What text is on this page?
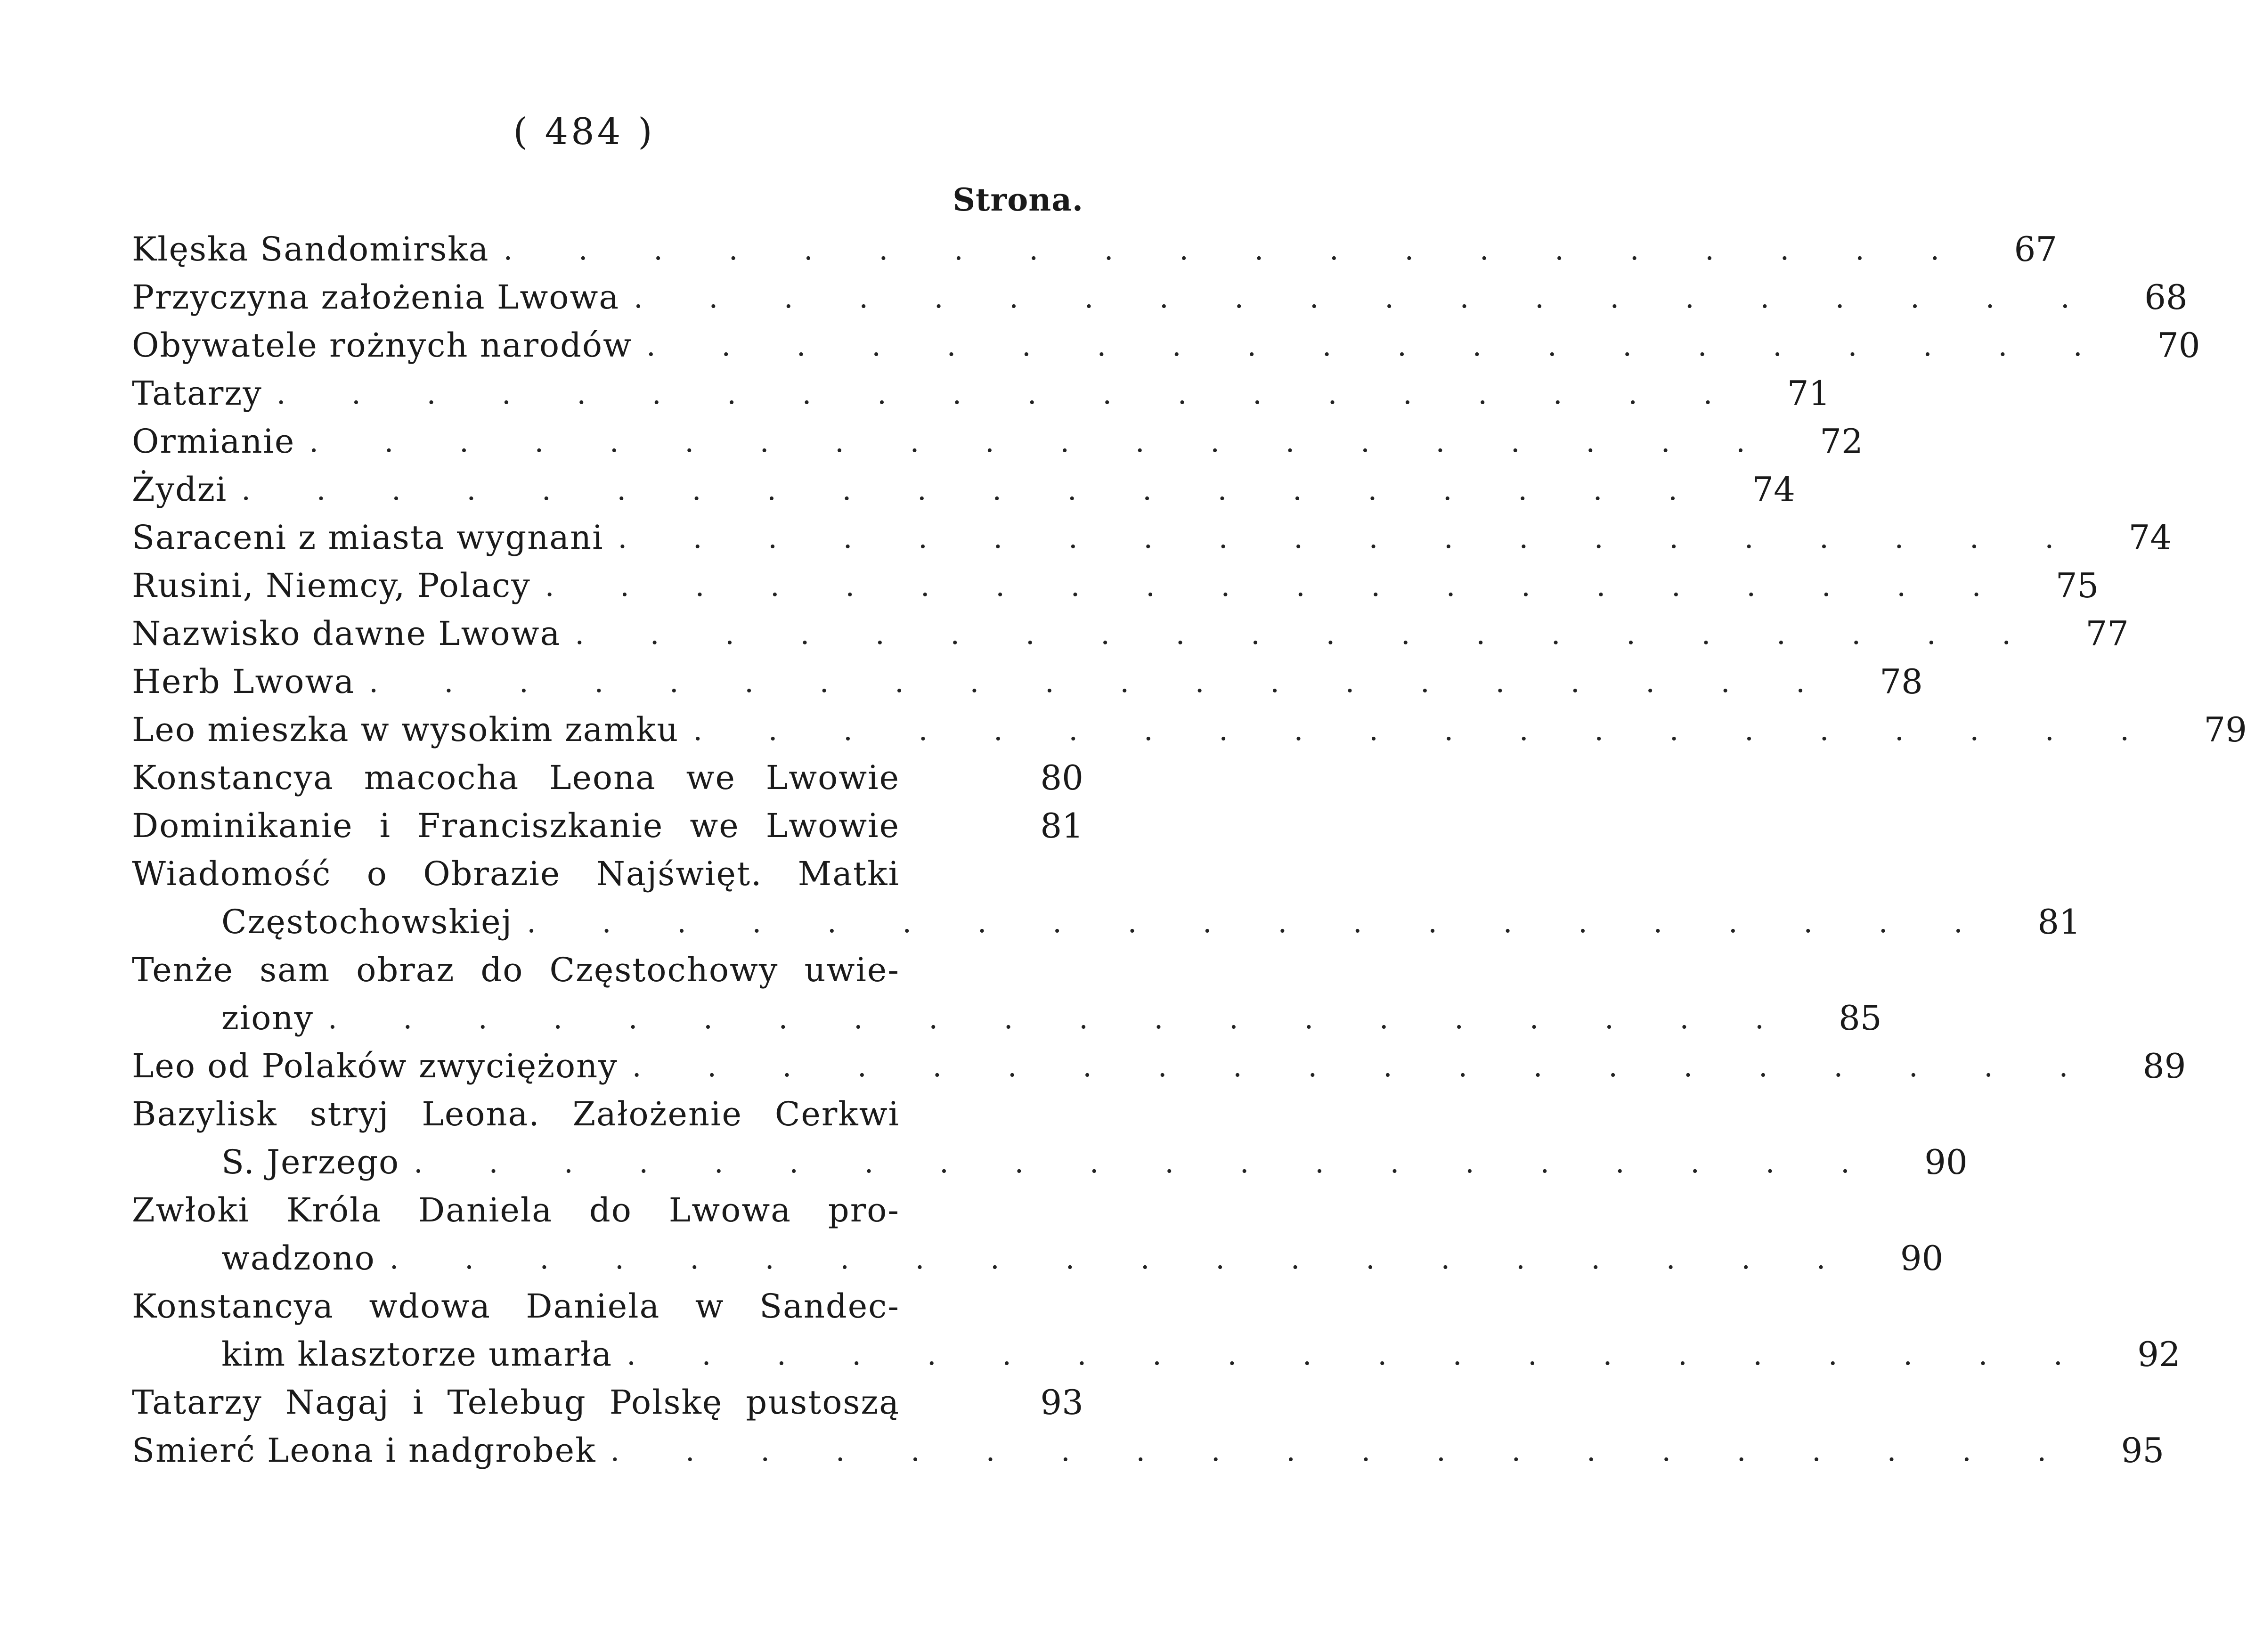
( 484 )
Strona.
Klęska Sandomirska . . . . . . . . . . . . . . . . . . . .	67
Przyczyna założenia Lwowa . . . . . . . . . . . . . . . . . . . .	68
Obywatele rożnych narodów . . . . . . . . . . . . . . . . . . . .	70
Tatarzy . . . . . . . . . . . . . . . . . . . .	71
Ormianie . . . . . . . . . . . . . . . . . . . .	72
Żydzi . . . . . . . . . . . . . . . . . . . .	74
Saraceni z miasta wygnani . . . . . . . . . . . . . . . . . . . .	74
Rusini, Niemcy, Polacy . . . . . . . . . . . . . . . . . . . .	75
Nazwisko dawne Lwowa . . . . . . . . . . . . . . . . . . . .	77
Herb Lwowa . . . . . . . . . . . . . . . . . . . .	78
Leo mieszka w wysokim zamku . . . . . . . . . . . . . . . . . . . .	79
Konstancya macocha Leona we Lwowie	80
Dominikanie i Franciszkanie we Lwowie	81
Wiadomość o Obrazie Najświęt. Matki
Częstochowskiej . . . . . . . . . . . . . . . . . . . .	81
Tenże sam obraz do Częstochowy uwie-
ziony . . . . . . . . . . . . . . . . . . . .	85
Leo od Polaków zwyciężony . . . . . . . . . . . . . . . . . . . .	89
Bazylisk stryj Leona. Założenie Cerkwi
S. Jerzego . . . . . . . . . . . . . . . . . . . .	90
Zwłoki Króla Daniela do Lwowa pro-
wadzono . . . . . . . . . . . . . . . . . . . .	90
Konstancya wdowa Daniela w Sandec-
kim klasztorze umarła . . . . . . . . . . . . . . . . . . . .	92
Tatarzy Nagaj i Telebug Polskę pustoszą	93
Smierć Leona i nadgrobek . . . . . . . . . . . . . . . . . . . .	95
